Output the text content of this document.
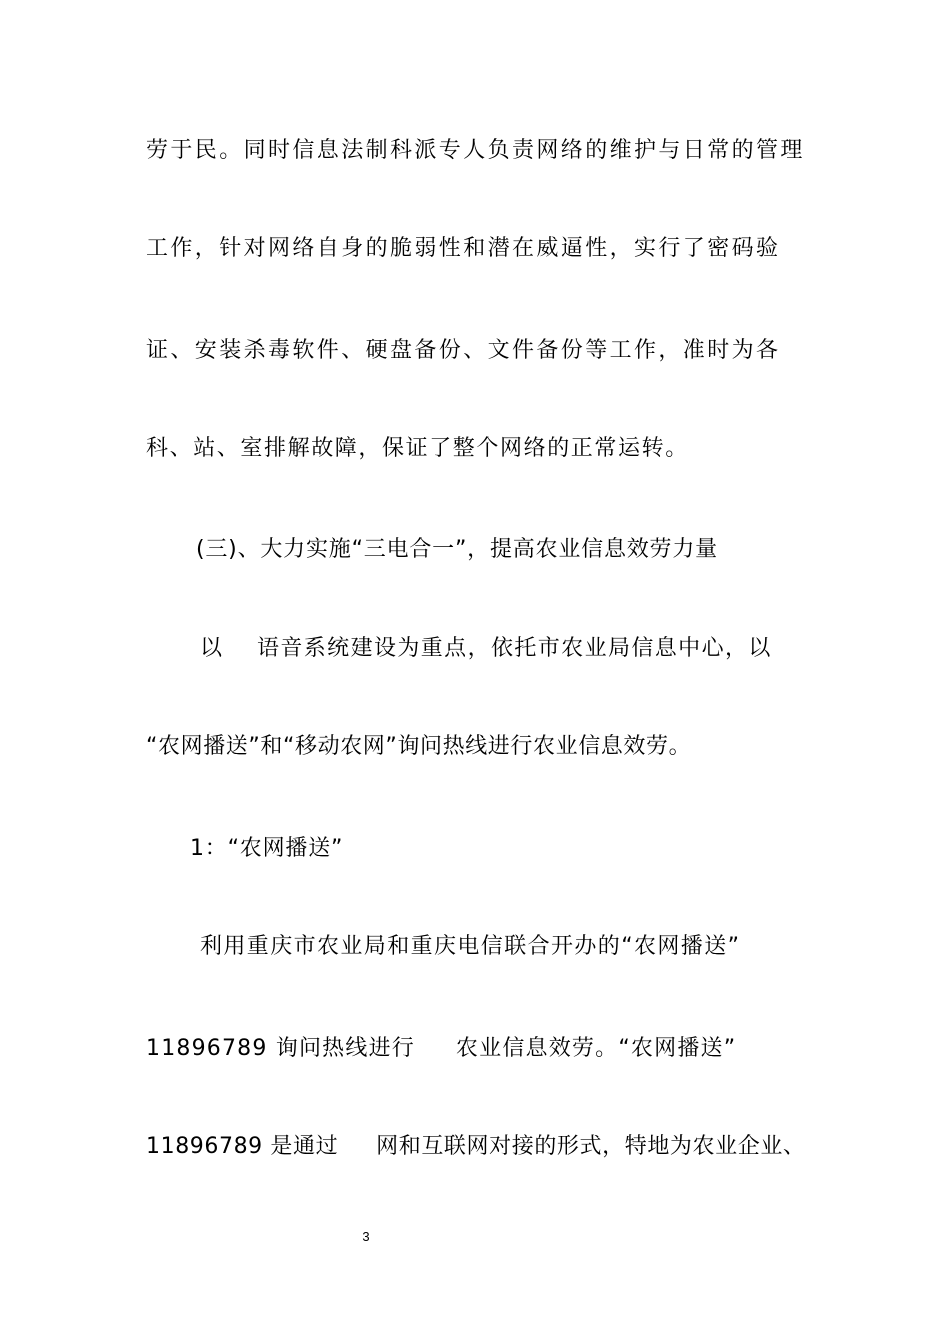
劳于民。同时信息法制科派专人负责网络的维护与日常的管理
工作，针对网络自身的脆弱性和潜在威逼性，实行了密码验
证、安装杀毒软件、硬盘备份、文件备份等工作，准时为各
科、站、室排解故障，保证了整个网络的正常运转。
(三)、大力实施“三电合一”，提高农业信息效劳力量
以    语音系统建设为重点，依托市农业局信息中心，以
“农网播送”和“移动农网”询问热线进行农业信息效劳。
1：“农网播送”
利用重庆市农业局和重庆电信联合开办的“农网播送”
11896789 询问热线进行     农业信息效劳。“农网播送”
11896789 是通过     网和互联网对接的形式，特地为农业企业、
3
